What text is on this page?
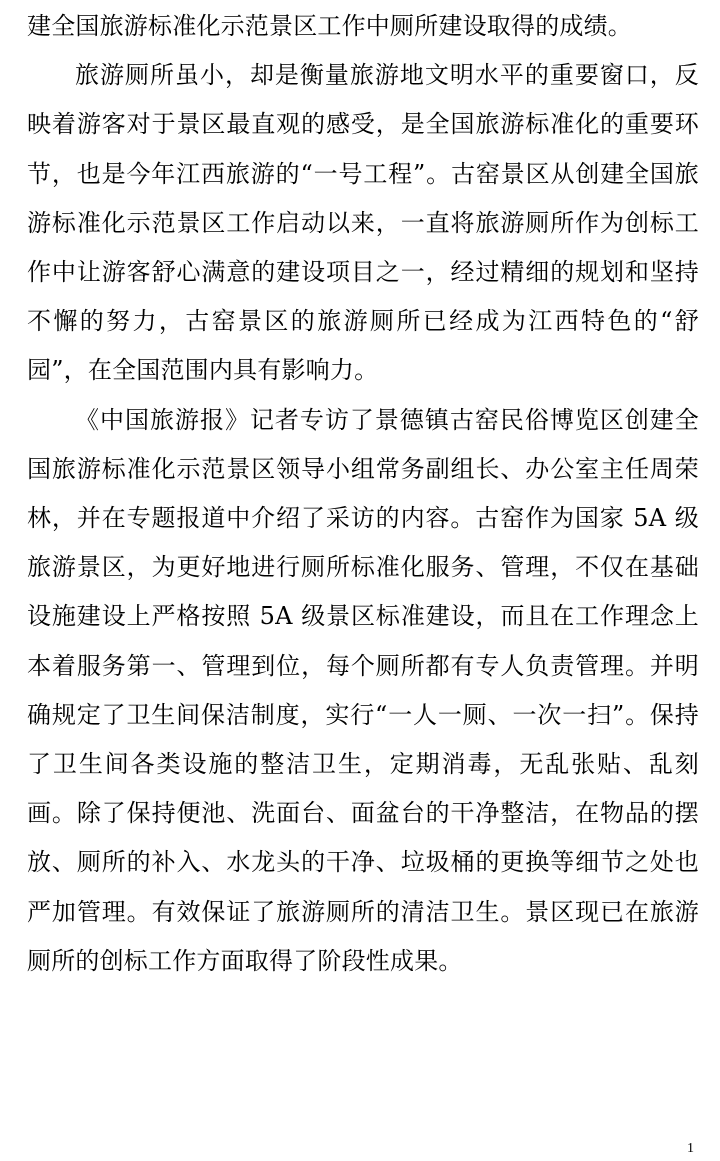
建全国旅游标准化示范景区工作中厕所建设取得的成绩。

旅游厕所虽小，却是衡量旅游地文明水平的重要窗口，反映着游客对于景区最直观的感受，是全国旅游标准化的重要环节，也是今年江西旅游的“一号工程”。古窑景区从创建全国旅游标准化示范景区工作启动以来，一直将旅游厕所作为创标工作中让游客舒心满意的建设项目之一，经过精细的规划和坚持不懈的努力，古窑景区的旅游厕所已经成为江西特色的“舒园”，在全国范围内具有影响力。

《中国旅游报》记者专访了景德镇古窑民俗博览区创建全国旅游标准化示范景区领导小组常务副组长、办公室主任周荣林，并在专题报道中介绍了采访的内容。古窑作为国家 5A 级旅游景区，为更好地进行厕所标准化服务、管理，不仅在基础设施建设上严格按照 5A 级景区标准建设，而且在工作理念上本着服务第一、管理到位，每个厕所都有专人负责管理。并明确规定了卫生间保洁制度，实行“一人一厕、一次一扫”。保持了卫生间各类设施的整洁卫生，定期消毒，无乱张贴、乱刻画。除了保持便池、洗面台、面盆台的干净整洁，在物品的摆放、厕所的补入、水龙头的干净、垃圾桶的更换等细节之处也严加管理。有效保证了旅游厕所的清洁卫生。景区现已在旅游厕所的创标工作方面取得了阶段性成果。

1
